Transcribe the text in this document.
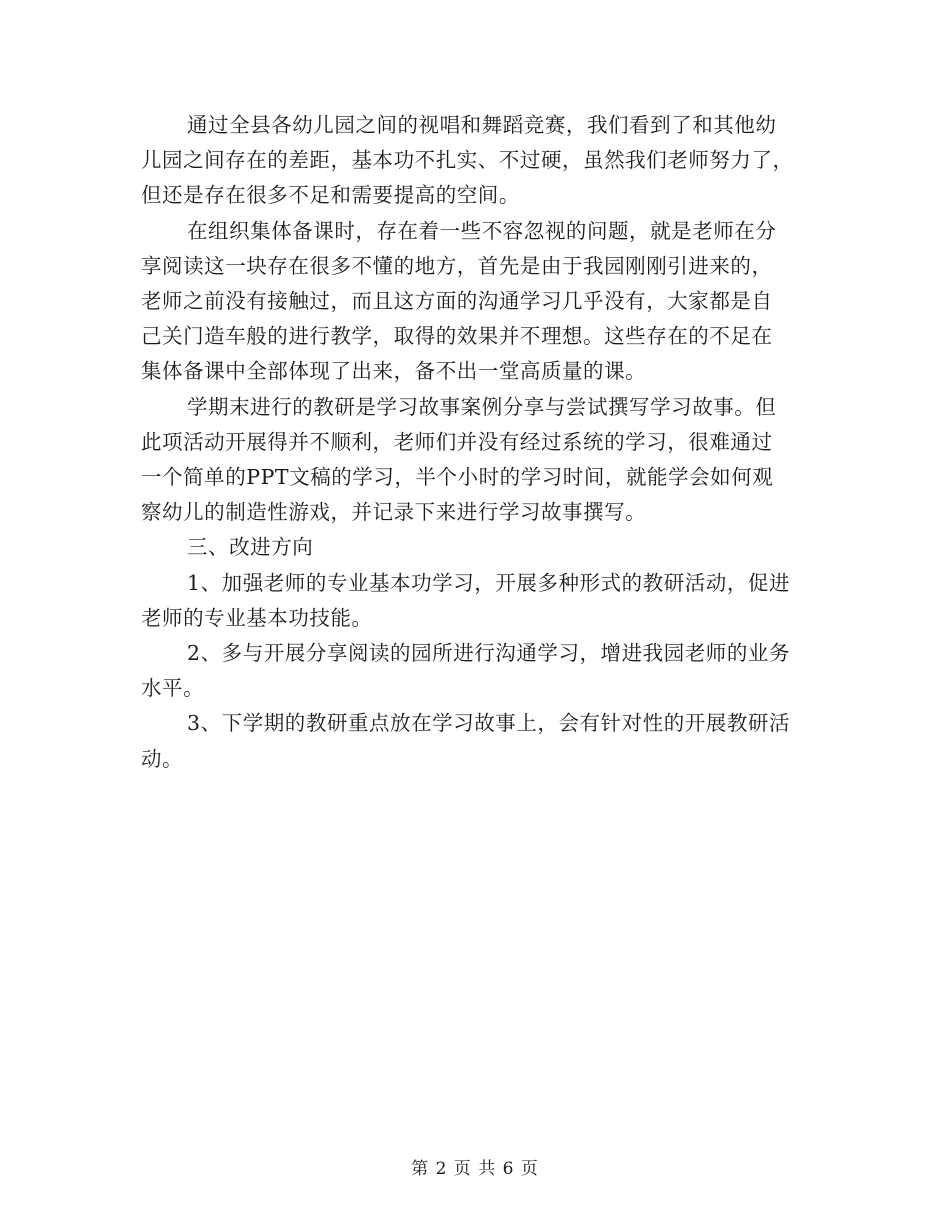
通过全县各幼儿园之间的视唱和舞蹈竞赛，我们看到了和其他幼
儿园之间存在的差距，基本功不扎实、不过硬，虽然我们老师努力了，
但还是存在很多不足和需要提高的空间。

在组织集体备课时，存在着一些不容忽视的问题，就是老师在分
享阅读这一块存在很多不懂的地方，首先是由于我园刚刚引进来的，
老师之前没有接触过，而且这方面的沟通学习几乎没有，大家都是自
己关门造车般的进行教学，取得的效果并不理想。这些存在的不足在
集体备课中全部体现了出来，备不出一堂高质量的课。

学期末进行的教研是学习故事案例分享与尝试撰写学习故事。但
此项活动开展得并不顺利，老师们并没有经过系统的学习，很难通过
一个简单的PPT文稿的学习，半个小时的学习时间，就能学会如何观
察幼儿的制造性游戏，并记录下来进行学习故事撰写。

三、改进方向

1、加强老师的专业基本功学习，开展多种形式的教研活动，促进
老师的专业基本功技能。

2、多与开展分享阅读的园所进行沟通学习，增进我园老师的业务
水平。

3、下学期的教研重点放在学习故事上，会有针对性的开展教研活
动。

第 2 页 共 6 页
